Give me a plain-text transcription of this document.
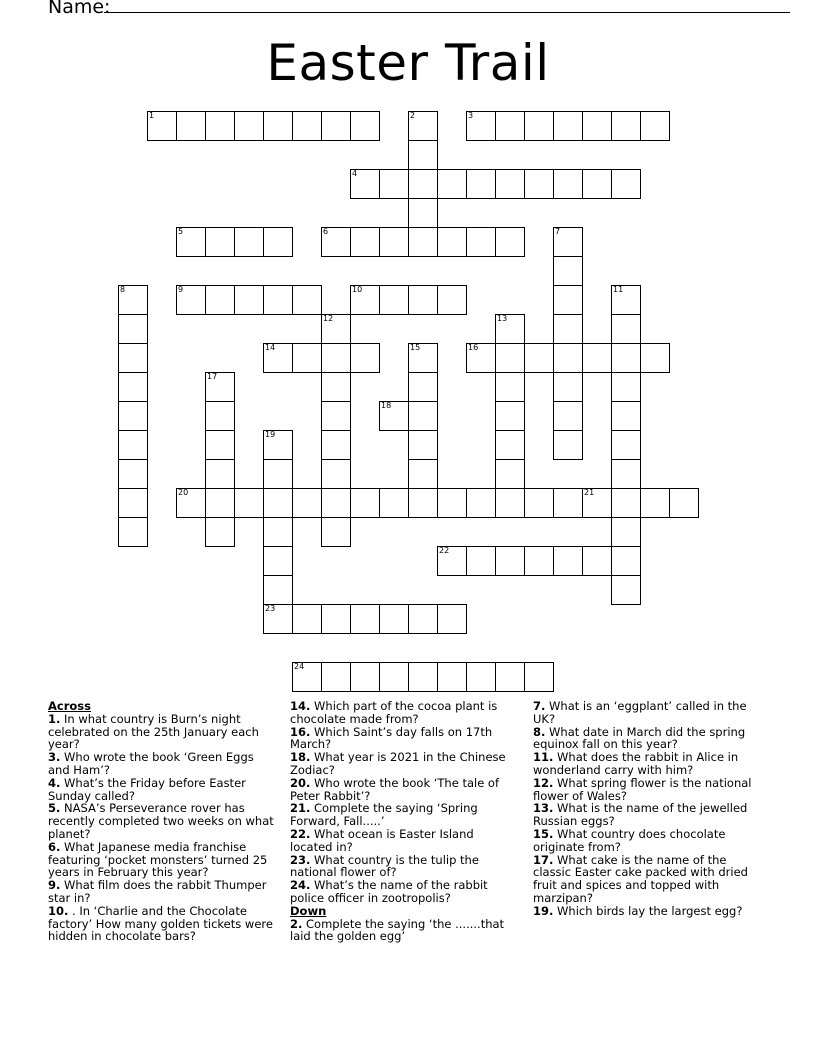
Name:
Easter Trail
1	2	3
4
5	6	7
8	9	10	11
12	13
14	15	16
17
18
19
23
20	21
22
24

Across

1. In what country is Burn’s night celebrated on the 25th January each year?

3. Who wrote the book ‘Green Eggs and Ham’?

4. What’s the Friday before Easter Sunday called?

5. NASA’s Perseverance rover has recently completed two weeks on what planet?

6. What Japanese media franchise featuring ‘pocket monsters’ turned 25 years in February this year?

9. What film does the rabbit Thumper star in?

10. . In ‘Charlie and the Chocolate factory’ How many golden tickets were hidden in chocolate bars?

14. Which part of the cocoa plant is chocolate made from?

16. Which Saint’s day falls on 17th March?

18. What year is 2021 in the Chinese Zodiac?

20. Who wrote the book ‘The tale of Peter Rabbit’?

21. Complete the saying ‘Spring Forward, Fall.....’

22. What ocean is Easter Island located in?

23. What country is the tulip the national flower of?

24. What’s the name of the rabbit police officer in zootropolis?

Down

2. Complete the saying ‘the .......that laid the golden egg’

7. What is an ‘eggplant’ called in the UK?

8. What date in March did the spring equinox fall on this year?

11. What does the rabbit in Alice in wonderland carry with him?

12. What spring flower is the national flower of Wales?

13. What is the name of the jewelled Russian eggs?

15. What country does chocolate originate from?

17. What cake is the name of the classic Easter cake packed with dried fruit and spices and topped with marzipan?

19. Which birds lay the largest egg?
